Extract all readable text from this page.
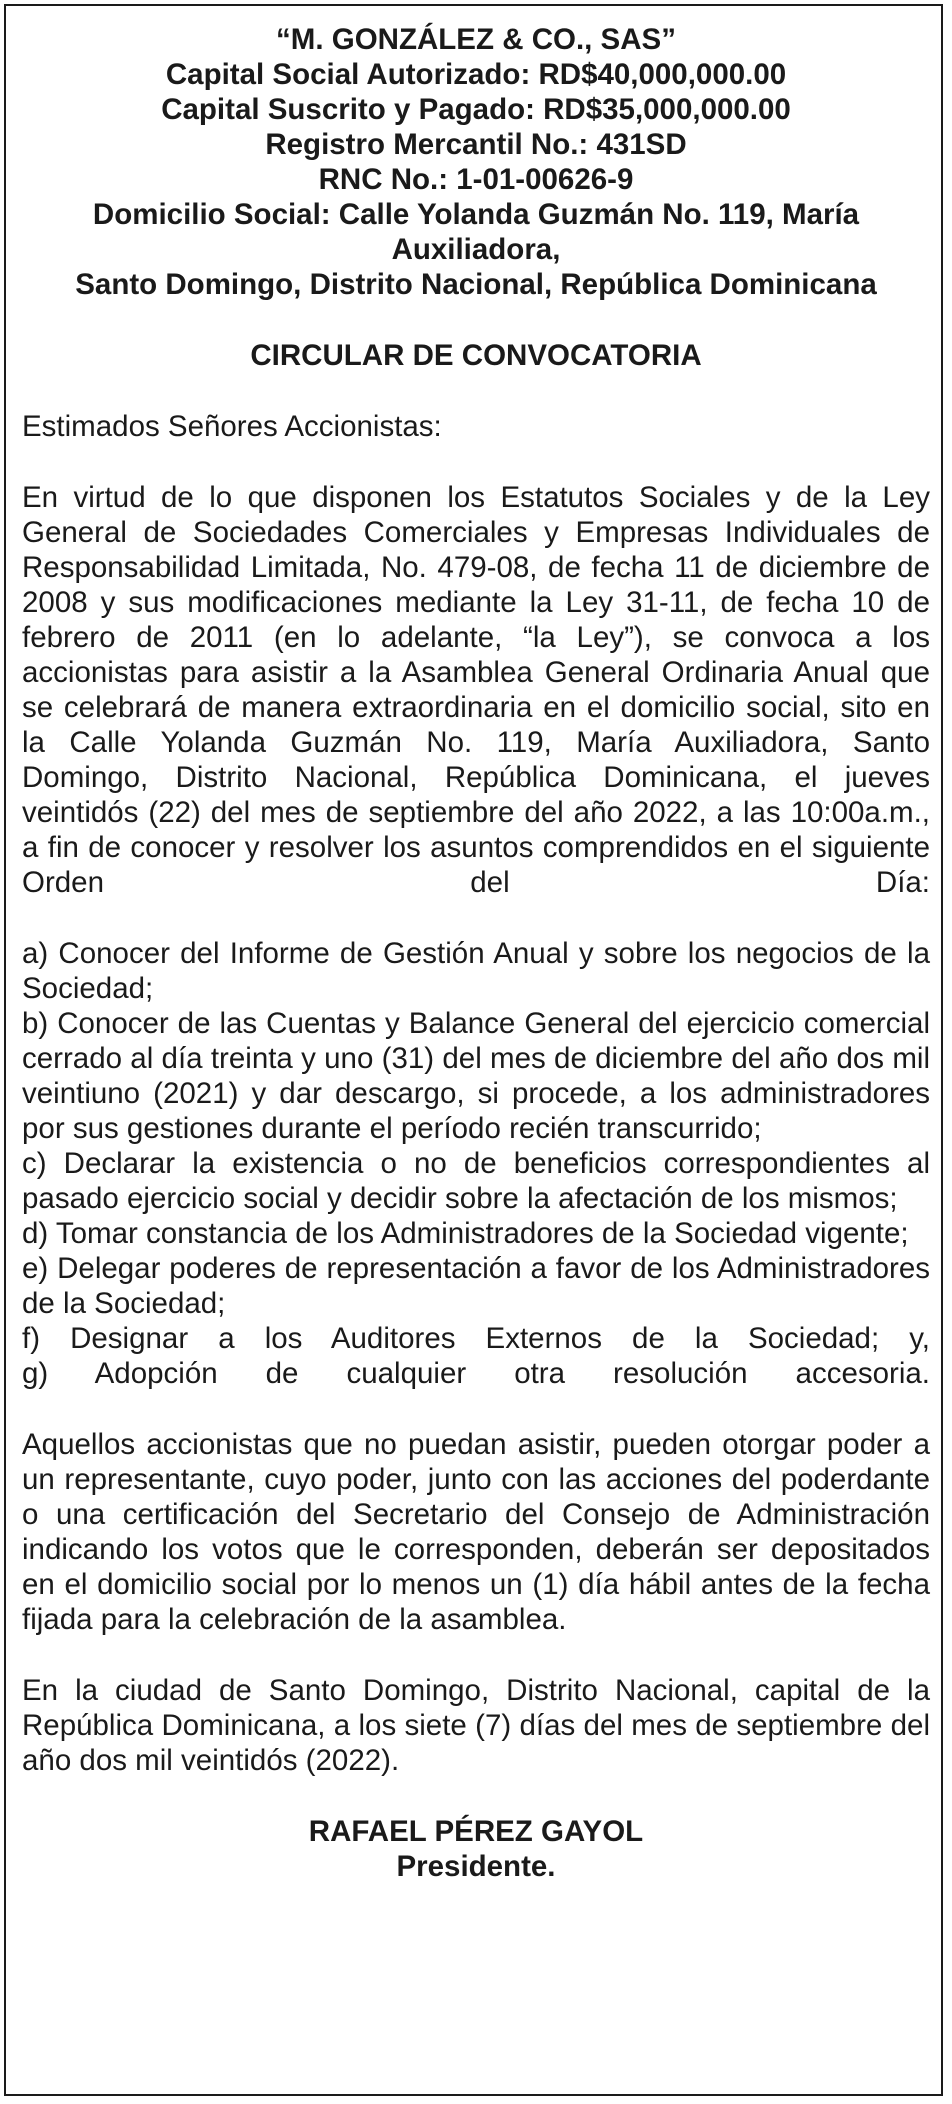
“M. GONZÁLEZ & CO., SAS”
Capital Social Autorizado: RD$40,000,000.00
Capital Suscrito y Pagado: RD$35,000,000.00
Registro Mercantil No.: 431SD
RNC No.: 1-01-00626-9
Domicilio Social: Calle Yolanda Guzmán No. 119, María Auxiliadora,
Santo Domingo, Distrito Nacional, República Dominicana
CIRCULAR DE CONVOCATORIA
Estimados Señores Accionistas:

En virtud de lo que disponen los Estatutos Sociales y de la Ley General de Sociedades Comerciales y Empresas Individuales de Responsabilidad Limitada, No. 479-08, de fecha 11 de diciembre de 2008 y sus modificaciones mediante la Ley 31-11, de fecha 10 de febrero de 2011 (en lo adelante, “la Ley”), se convoca a los accionistas para asistir a la Asamblea General Ordinaria Anual que se celebrará de manera extraordinaria en el domicilio social, sito en la Calle Yolanda Guzmán No. 119, María Auxiliadora, Santo Domingo, Distrito Nacional, República Dominicana, el jueves veintidós (22) del mes de septiembre del año 2022, a las 10:00a.m., a fin de conocer y resolver los asuntos comprendidos en el siguiente Orden del Día:

a) Conocer del Informe de Gestión Anual y sobre los negocios de la Sociedad;

b) Conocer de las Cuentas y Balance General del ejercicio comercial cerrado al día treinta y uno (31) del mes de diciembre del año dos mil veintiuno (2021) y dar descargo, si procede, a los administradores por sus gestiones durante el período recién transcurrido;

c) Declarar la existencia o no de beneficios correspondientes al pasado ejercicio social y decidir sobre la afectación de los mismos;

d) Tomar constancia de los Administradores de la Sociedad vigente;

e) Delegar poderes de representación a favor de los Administradores de la Sociedad;

f) Designar a los Auditores Externos de la Sociedad; y,

g) Adopción de cualquier otra resolución accesoria.

Aquellos accionistas que no puedan asistir, pueden otorgar poder a un representante, cuyo poder, junto con las acciones del poderdante o una certificación del Secretario del Consejo de Administración indicando los votos que le corresponden, deberán ser depositados en el domicilio social por lo menos un (1) día hábil antes de la fecha fijada para la celebración de la asamblea.

En la ciudad de Santo Domingo, Distrito Nacional, capital de la República Dominicana, a los siete (7) días del mes de septiembre del año dos mil veintidós (2022).

RAFAEL PÉREZ GAYOL
Presidente.
